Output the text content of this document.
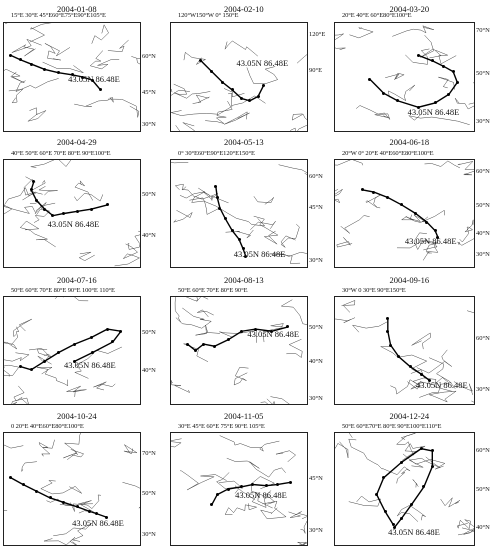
2004-01-08
15°E 30°E 45°E60°E75°E90°E105°E
43.05N 86.48E
60°N
45°N
30°N
2004-02-10
120°W150°W 0° 150°E
43.05N 86.48E
120°E
90°E
2004-03-20
20°E 40°E 60°E80°E100°E
43.05N 86.48E
70°N
50°N
30°N
2004-04-29
40°E 50°E 60°E 70°E 80°E 90°E100°E
43.05N 86.48E
50°N
40°N
2004-05-13
0° 30°E60°E90°E120°E150°E
43.05N 86.48E
60°N
45°N
30°N
2004-06-18
20°W 0° 20°E 40°E60°E80°E100°E
43.05N 86.48E
60°N
50°N
40°N
30°N
2004-07-16
50°E 60°E 70°E 80°E 90°E 100°E 110°E
43.05N 86.48E
50°N
40°N
2004-08-13
50°E 60°E 70°E 80°E 90°E
43.05N 86.48E
50°N
40°N
30°N
2004-09-16
30°W 0 30°E 90°E150°E
43.05N 86.48E
60°N
30°N
2004-10-24
0 20°E 40°E60°E80°E100°E
43.05N 86.48E
70°N
50°N
30°N
2004-11-05
30°E 45°E 60°E 75°E 90°E 105°E
43.05N 86.48E
45°N
30°N
2004-12-24
50°E 60°E70°E 80°E 90°E100°E110°E
43.05N 86.48E
60°N
50°N
40°N
